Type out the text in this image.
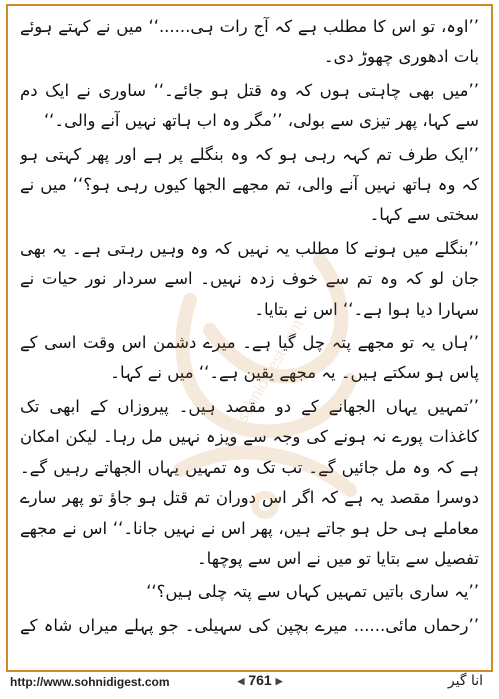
’’اوہ، تو اس کا مطلب ہے کہ آج رات ہی......‘‘ میں نے کہتے ہوئے بات ادھوری چھوڑ دی۔

’’میں بھی چاہتی ہوں کہ وہ قتل ہو جائے۔‘‘ ساوری نے ایک دم سے کہا، پھر تیزی سے بولی، ’’مگر وہ اب ہاتھ نہیں آنے والی۔‘‘

’’ایک طرف تم کہہ رہی ہو کہ وہ بنگلے پر ہے اور پھر کہتی ہو کہ وہ ہاتھ نہیں آنے والی، تم مجھے الجھا کیوں رہی ہو؟‘‘ میں نے سختی سے کہا۔

’’بنگلے میں ہونے کا مطلب یہ نہیں کہ وہ وہیں رہتی ہے۔ یہ بھی جان لو کہ وہ تم سے خوف زدہ نہیں۔ اسے سردار نور حیات نے سہارا دیا ہوا ہے۔‘‘ اس نے بتایا۔

’’ہاں یہ تو مجھے پتہ چل گیا ہے۔ میرے دشمن اس وقت اسی کے پاس ہو سکتے ہیں۔ یہ مجھے یقین ہے۔‘‘ میں نے کہا۔

’’تمہیں یہاں الجھانے کے دو مقصد ہیں۔ پیروزاں کے ابھی تک کاغذات پورے نہ ہونے کی وجہ سے ویزہ نہیں مل رہا۔ لیکن امکان ہے کہ وہ مل جائیں گے۔ تب تک وہ تمہیں یہاں الجھاتے رہیں گے۔ دوسرا مقصد یہ ہے کہ اگر اس دوران تم قتل ہو جاؤ تو پھر سارے معاملے ہی حل ہو جاتے ہیں، پھر اس نے نہیں جانا۔‘‘ اس نے مجھے تفصیل سے بتایا تو میں نے اس سے پوچھا۔

’’یہ ساری باتیں تمہیں کہاں سے پتہ چلی ہیں؟‘‘

’’رحماں مائی...... میرے بچپن کی سہیلی۔ جو پہلے میراں شاہ کے

www.sohnidigest.com
http://www.sohnidigest.com	◀ 761 ▶	انا گیر
